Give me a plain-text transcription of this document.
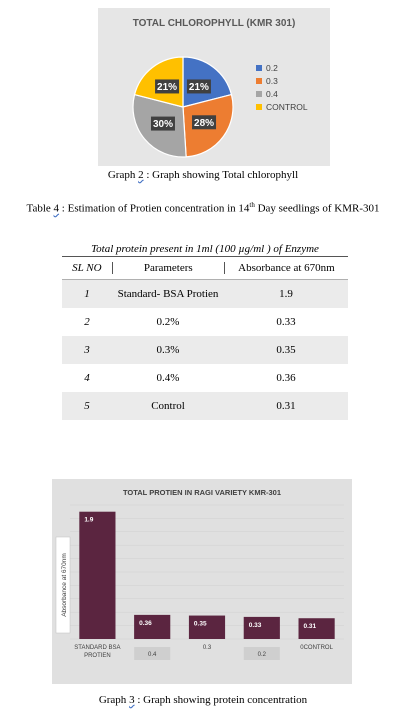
21%
28%
30%
21%
0.2
0.3
0.4
CONTROL
TOTAL CHLOROPHYLL (KMR 301)
Graph 2 : Graph showing Total chlorophyll
Table 4 : Estimation of Protien concentration in 14th Day seedlings of KMR-301
Total protein present in 1ml (100 µg/ml ) of Enzyme
SL NO	Parameters	Absorbance at 670nm
1	Standard- BSA Protien	1.9
2	0.2%	0.33
3	0.3%	0.35
4	0.4%	0.36
5	Control	0.31
TOTAL PROTIEN IN RAGI VARIETY KMR-301
1.9
0.36	0.35	0.33	0.31
STANDARD BSA PROTIEN	0.4
0.3
0.2
0CONTROL
Absorbance at 670nm
Graph 3 : Graph showing protein concentration
